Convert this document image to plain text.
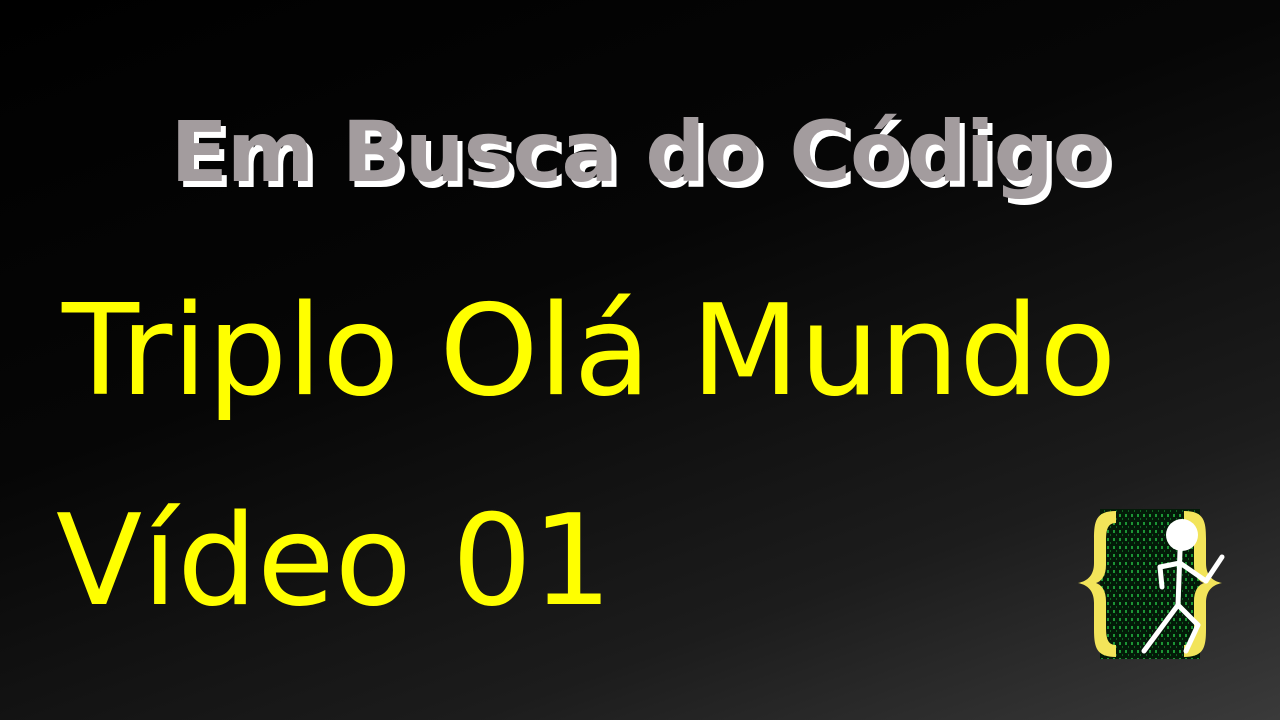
Em Busca do Código
Triplo Olá Mundo
Vídeo 01
